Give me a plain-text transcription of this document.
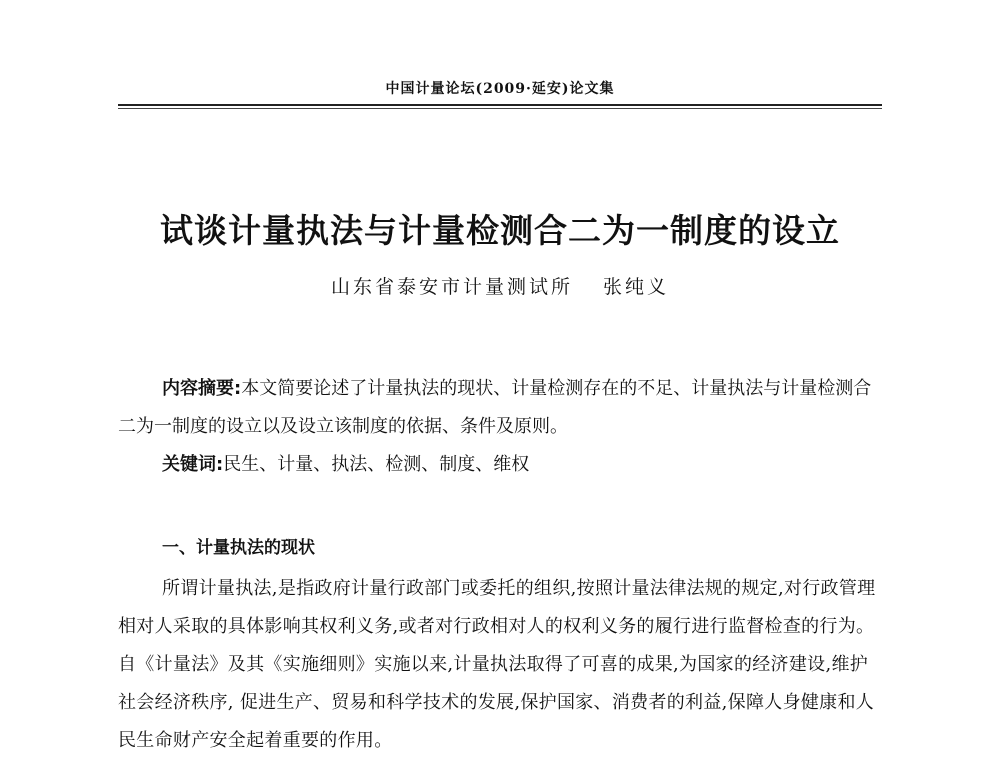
中国计量论坛(2009·延安)论文集
试谈计量执法与计量检测合二为一制度的设立
山东省泰安市计量测试所 张纯义
内容摘要:本文简要论述了计量执法的现状、计量检测存在的不足、计量执法与计量检测合二为一制度的设立以及设立该制度的依据、条件及原则。
关键词:民生、计量、执法、检测、制度、维权
一、计量执法的现状
所谓计量执法,是指政府计量行政部门或委托的组织,按照计量法律法规的规定,对行政管理相对人采取的具体影响其权利义务,或者对行政相对人的权利义务的履行进行监督检查的行为。自《计量法》及其《实施细则》实施以来,计量执法取得了可喜的成果,为国家的经济建设,维护社会经济秩序, 促进生产、贸易和科学技术的发展,保护国家、消费者的利益,保障人身健康和人民生命财产安全起着重要的作用。
